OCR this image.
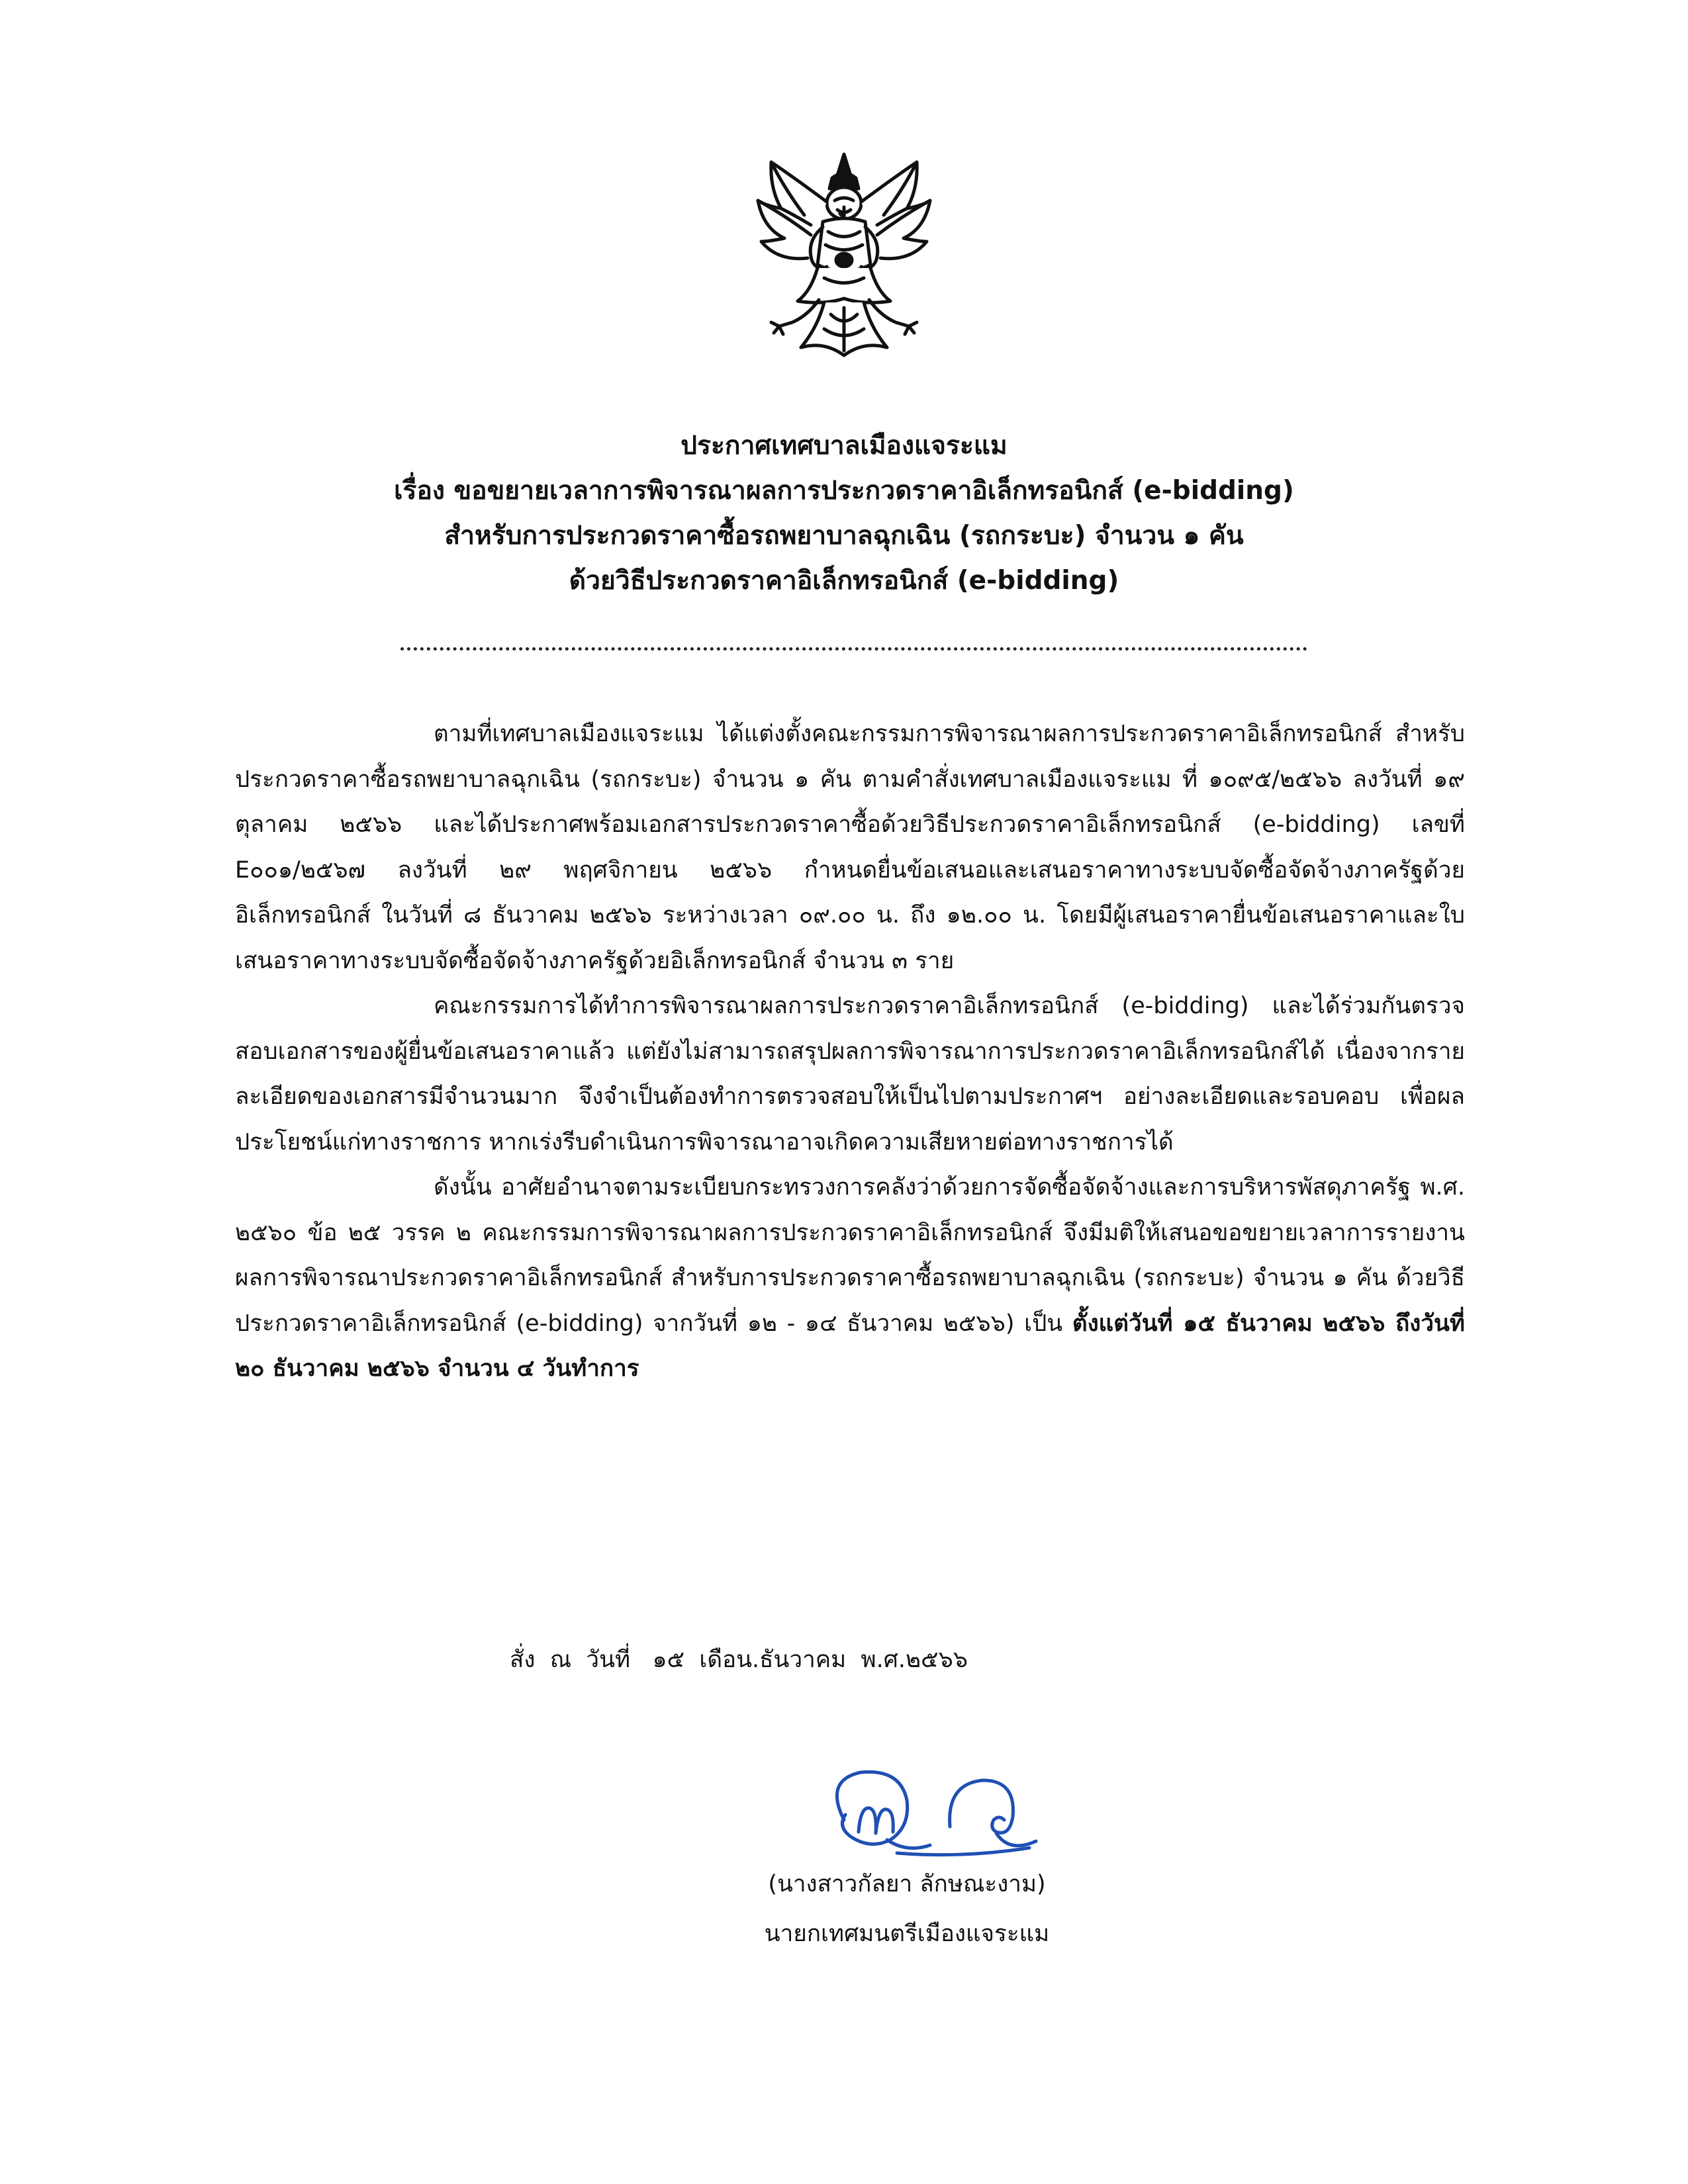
ประกาศเทศบาลเมืองแจระแม
เรื่อง ขอขยายเวลาการพิจารณาผลการประกวดราคาอิเล็กทรอนิกส์ (e-bidding)
สำหรับการประกวดราคาซื้อรถพยาบาลฉุกเฉิน (รถกระบะ) จำนวน ๑ คัน
ด้วยวิธีประกวดราคาอิเล็กทรอนิกส์ (e-bidding)

ตามที่เทศบาลเมืองแจระแม ได้แต่งตั้งคณะกรรมการพิจารณาผลการประกวดราคาอิเล็กทรอนิกส์ สำหรับประกวดราคาซื้อรถพยาบาลฉุกเฉิน (รถกระบะ) จำนวน ๑ คัน ตามคำสั่งเทศบาลเมืองแจระแม ที่ ๑๐๙๕/๒๕๖๖ ลงวันที่ ๑๙ ตุลาคม ๒๕๖๖ และได้ประกาศพร้อมเอกสารประกวดราคาซื้อด้วยวิธีประกวดราคาอิเล็กทรอนิกส์ (e-bidding) เลขที่ E๐๐๑/๒๕๖๗ ลงวันที่ ๒๙ พฤศจิกายน ๒๕๖๖ กำหนดยื่นข้อเสนอและเสนอราคาทางระบบจัดซื้อจัดจ้างภาครัฐด้วยอิเล็กทรอนิกส์ ในวันที่ ๘ ธันวาคม ๒๕๖๖ ระหว่างเวลา ๐๙.๐๐ น. ถึง ๑๒.๐๐ น. โดยมีผู้เสนอราคายื่นข้อเสนอราคาและใบเสนอราคาทางระบบจัดซื้อจัดจ้างภาครัฐด้วยอิเล็กทรอนิกส์ จำนวน ๓ ราย

คณะกรรมการได้ทำการพิจารณาผลการประกวดราคาอิเล็กทรอนิกส์ (e-bidding) และได้ร่วมกันตรวจสอบเอกสารของผู้ยื่นข้อเสนอราคาแล้ว แต่ยังไม่สามารถสรุปผลการพิจารณาการประกวดราคาอิเล็กทรอนิกส์ได้ เนื่องจากรายละเอียดของเอกสารมีจำนวนมาก จึงจำเป็นต้องทำการตรวจสอบให้เป็นไปตามประกาศฯ อย่างละเอียดและรอบคอบ เพื่อผลประโยชน์แก่ทางราชการ หากเร่งรีบดำเนินการพิจารณาอาจเกิดความเสียหายต่อทางราชการได้

ดังนั้น อาศัยอำนาจตามระเบียบกระทรวงการคลังว่าด้วยการจัดซื้อจัดจ้างและการบริหารพัสดุภาครัฐ พ.ศ. ๒๕๖๐ ข้อ ๒๕ วรรค ๒ คณะกรรมการพิจารณาผลการประกวดราคาอิเล็กทรอนิกส์ จึงมีมติให้เสนอขอขยายเวลาการรายงานผลการพิจารณาประกวดราคาอิเล็กทรอนิกส์ สำหรับการประกวดราคาซื้อรถพยาบาลฉุกเฉิน (รถกระบะ) จำนวน ๑ คัน ด้วยวิธีประกวดราคาอิเล็กทรอนิกส์ (e-bidding) จากวันที่ ๑๒ - ๑๔ ธันวาคม ๒๕๖๖) เป็น ตั้งแต่วันที่ ๑๕ ธันวาคม ๒๕๖๖ ถึงวันที่ ๒๐ ธันวาคม ๒๕๖๖ จำนวน ๔ วันทำการ

สั่ง  ณ  วันที่   ๑๕  เดือน.ธันวาคม  พ.ศ.๒๕๖๖
(นางสาวกัลยา ลักษณะงาม)
นายกเทศมนตรีเมืองแจระแม
